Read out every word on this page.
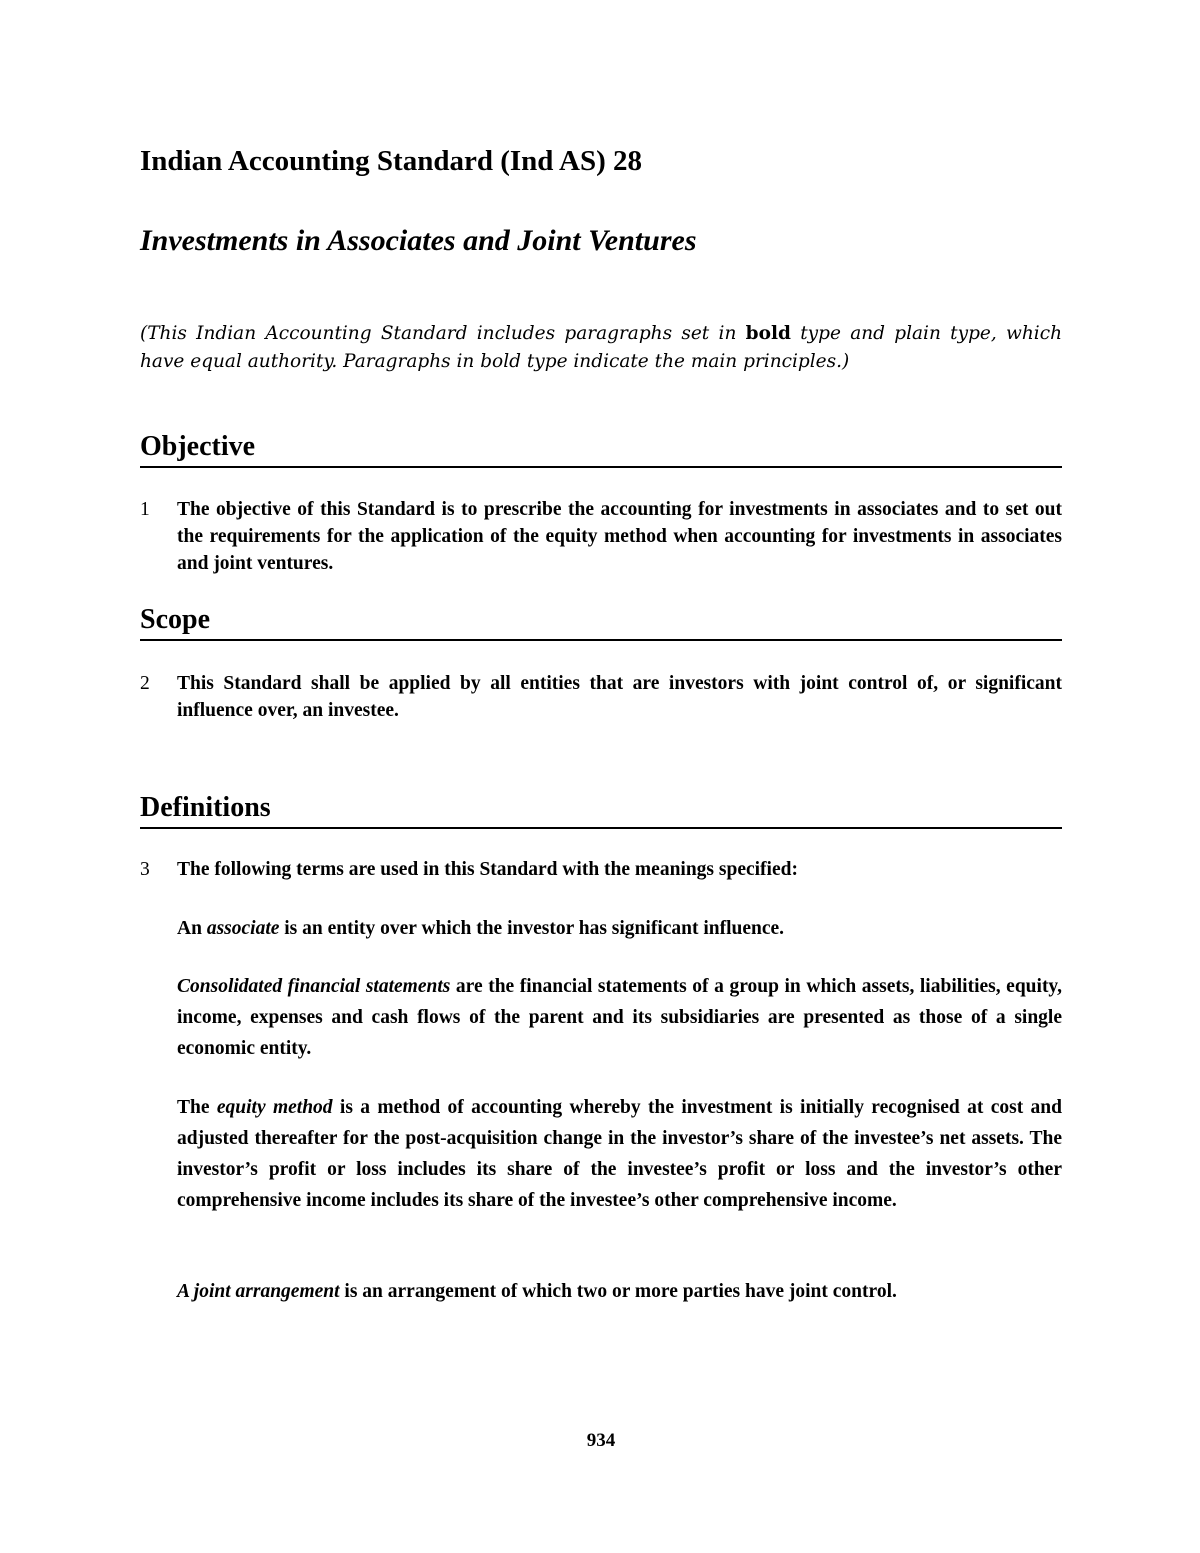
Indian Accounting Standard (Ind AS) 28
Investments in Associates and Joint Ventures

(This Indian Accounting Standard includes paragraphs set in bold type and plain type, which have equal authority. Paragraphs in bold type indicate the main principles.)

Objective
1 The objective of this Standard is to prescribe the accounting for investments in associates and to set out the requirements for the application of the equity method when accounting for investments in associates and joint ventures.
Scope
2 This Standard shall be applied by all entities that are investors with joint control of, or significant influence over, an investee.
Definitions
3 The following terms are used in this Standard with the meanings specified:

An associate is an entity over which the investor has significant influence.

Consolidated financial statements are the financial statements of a group in which assets, liabilities, equity, income, expenses and cash flows of the parent and its subsidiaries are presented as those of a single economic entity.

The equity method is a method of accounting whereby the investment is initially recognised at cost and adjusted thereafter for the post-acquisition change in the investor’s share of the investee’s net assets. The investor’s profit or loss includes its share of the investee’s profit or loss and the investor’s other comprehensive income includes its share of the investee’s other comprehensive income.

A joint arrangement is an arrangement of which two or more parties have joint control.

934
